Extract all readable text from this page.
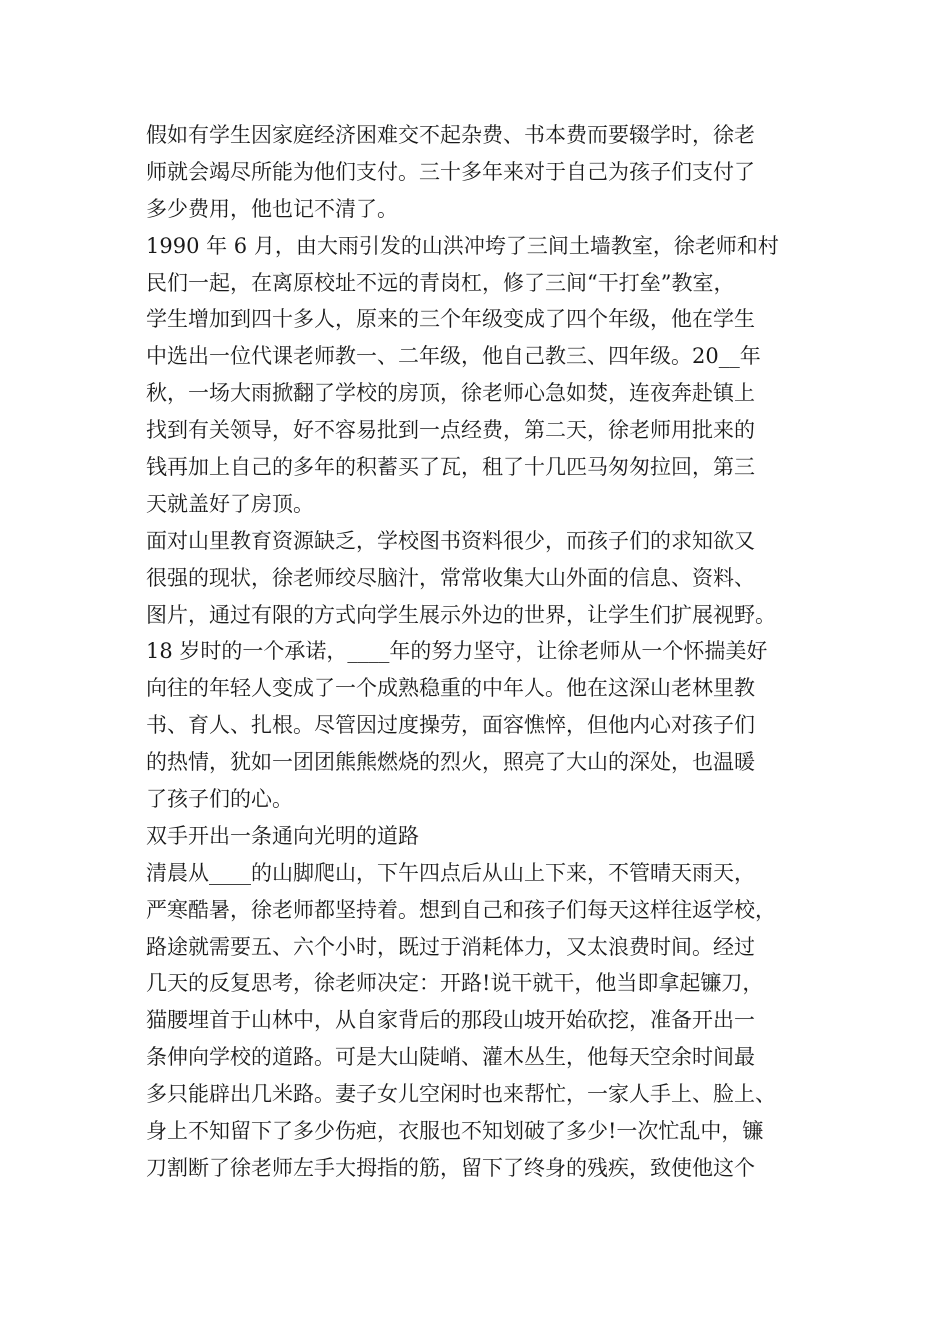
假如有学生因家庭经济困难交不起杂费、书本费而要辍学时，徐老
师就会竭尽所能为他们支付。三十多年来对于自己为孩子们支付了
多少费用，他也记不清了。
1990 年 6 月，由大雨引发的山洪冲垮了三间土墙教室，徐老师和村
民们一起，在离原校址不远的青岗杠，修了三间“干打垒”教室，
学生增加到四十多人，原来的三个年级变成了四个年级，他在学生
中选出一位代课老师教一、二年级，他自己教三、四年级。20__年
秋，一场大雨掀翻了学校的房顶，徐老师心急如焚，连夜奔赴镇上
找到有关领导，好不容易批到一点经费，第二天，徐老师用批来的
钱再加上自己的多年的积蓄买了瓦，租了十几匹马匆匆拉回，第三
天就盖好了房顶。
面对山里教育资源缺乏，学校图书资料很少，而孩子们的求知欲又
很强的现状，徐老师绞尽脑汁，常常收集大山外面的信息、资料、
图片，通过有限的方式向学生展示外边的世界，让学生们扩展视野。
18 岁时的一个承诺，____年的努力坚守，让徐老师从一个怀揣美好
向往的年轻人变成了一个成熟稳重的中年人。他在这深山老林里教
书、育人、扎根。尽管因过度操劳，面容憔悴，但他内心对孩子们
的热情，犹如一团团熊熊燃烧的烈火，照亮了大山的深处，也温暖
了孩子们的心。
双手开出一条通向光明的道路
清晨从____的山脚爬山，下午四点后从山上下来，不管晴天雨天，
严寒酷暑，徐老师都坚持着。想到自己和孩子们每天这样往返学校，
路途就需要五、六个小时，既过于消耗体力，又太浪费时间。经过
几天的反复思考，徐老师决定：开路!说干就干，他当即拿起镰刀，
猫腰埋首于山林中，从自家背后的那段山坡开始砍挖，准备开出一
条伸向学校的道路。可是大山陡峭、灌木丛生，他每天空余时间最
多只能辟出几米路。妻子女儿空闲时也来帮忙，一家人手上、脸上、
身上不知留下了多少伤疤，衣服也不知划破了多少!一次忙乱中，镰
刀割断了徐老师左手大拇指的筋，留下了终身的残疾，致使他这个
